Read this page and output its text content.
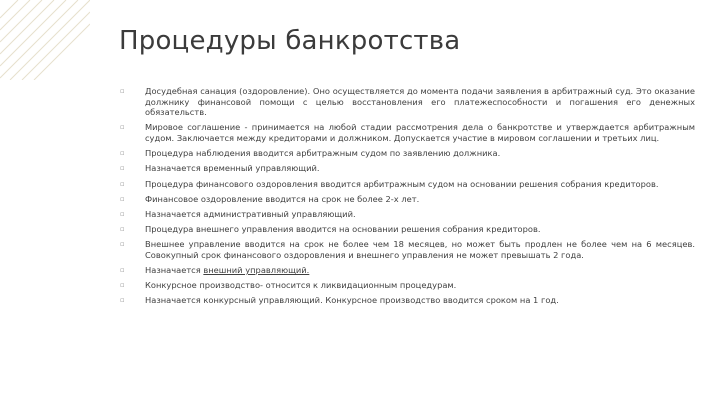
Процедуры банкротства
▫ Досудебная санация (оздоровление). Оно осуществляется до момента подачи заявления в арбитражный суд. Это оказание должнику финансовой помощи с целью восстановления его платежеспособности и погашения его денежных обязательств.
▫ Мировое соглашение - принимается на любой стадии рассмотрения дела о банкротстве и утверждается арбитражным судом. Заключается между кредиторами и должником. Допускается участие в мировом соглашении и третьих лиц.
▫ Процедура наблюдения вводится арбитражным судом по заявлению должника.
▫ Назначается временный управляющий.
▫ Процедура финансового оздоровления вводится арбитражным судом на основании решения собрания кредиторов.
▫ Финансовое оздоровление вводится на срок не более 2-х лет.
▫ Назначается административный управляющий.
▫ Процедура внешнего управления вводится на основании решения собрания кредиторов.
▫ Внешнее управление вводится на срок не более чем 18 месяцев, но может быть продлен не более чем на 6 месяцев. Совокупный срок финансового оздоровления и внешнего управления не может превышать 2 года.
▫ Назначается внешний управляющий.
▫ Конкурсное производство- относится к ликвидационным процедурам.
▫ Назначается конкурсный управляющий. Конкурсное производство вводится сроком на 1 год.
